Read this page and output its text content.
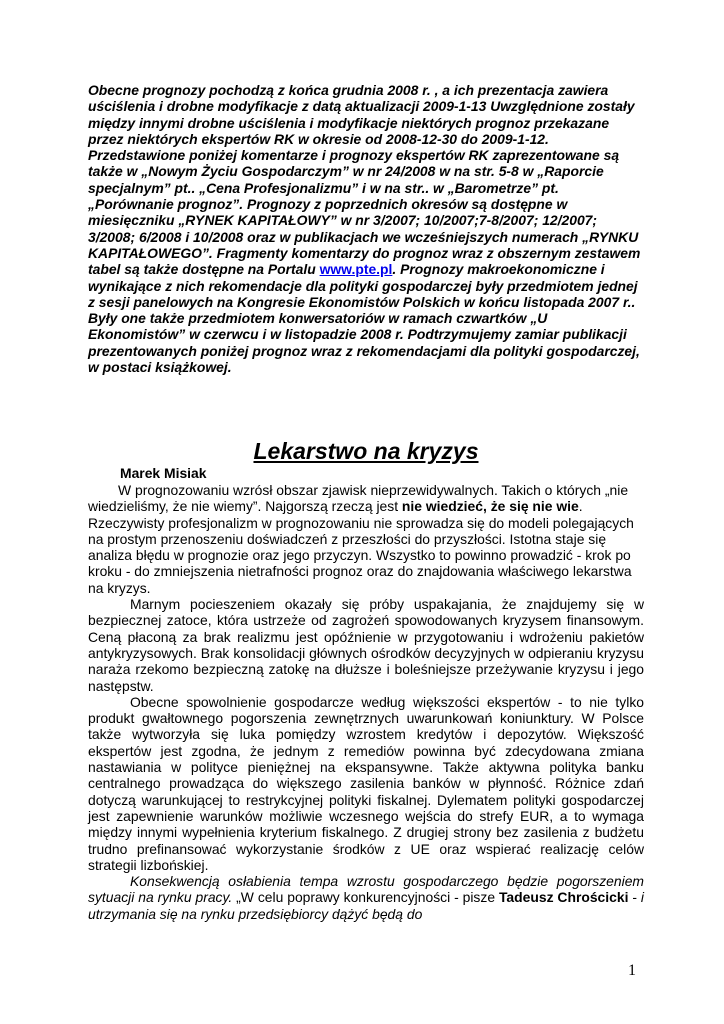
Obecne prognozy pochodzą z końca grudnia 2008 r. , a ich prezentacja zawiera uściślenia i drobne modyfikacje z datą aktualizacji 2009-1-13 Uwzględnione zostały między innymi drobne uściślenia i modyfikacje niektórych prognoz przekazane przez niektórych ekspertów RK w okresie od 2008-12-30 do 2009-1-12. Przedstawione poniżej komentarze i prognozy ekspertów RK zaprezentowane są także w „Nowym Życiu Gospodarczym” w nr 24/2008 w na str. 5-8 w „Raporcie specjalnym” pt.. „Cena Profesjonalizmu” i w na str.. w „Barometrze” pt. „Porównanie prognoz”. Prognozy z poprzednich okresów są dostępne w miesięczniku „RYNEK KAPITAŁOWY” w nr 3/2007; 10/2007;7-8/2007; 12/2007; 3/2008; 6/2008 i 10/2008 oraz w publikacjach we wcześniejszych numerach „RYNKU KAPITAŁOWEGO”. Fragmenty komentarzy do prognoz wraz z obszernym zestawem tabel są także dostępne na Portalu www.pte.pl. Prognozy makroekonomiczne i wynikające z nich rekomendacje dla polityki gospodarczej były przedmiotem jednej z sesji panelowych na Kongresie Ekonomistów Polskich w końcu listopada 2007 r.. Były one także przedmiotem konwersatoriów w ramach czwartków „U Ekonomistów” w czerwcu i w listopadzie 2008 r. Podtrzymujemy zamiar publikacji prezentowanych poniżej prognoz wraz z rekomendacjami dla polityki gospodarczej, w postaci książkowej.
Lekarstwo na kryzys
Marek Misiak

W prognozowaniu wzrósł obszar zjawisk nieprzewidywalnych. Takich o których „nie wiedzieliśmy, że nie wiemy”. Najgorszą rzeczą jest nie wiedzieć, że się nie wie. Rzeczywisty profesjonalizm w prognozowaniu nie sprowadza się do modeli polegających na prostym przenoszeniu doświadczeń z przeszłości do przyszłości. Istotna staje się analiza błędu w prognozie oraz jego przyczyn. Wszystko to powinno prowadzić - krok po kroku - do zmniejszenia nietrafności prognoz oraz do znajdowania właściwego lekarstwa na kryzys.

Marnym pocieszeniem okazały się próby uspakajania, że znajdujemy się w bezpiecznej zatoce, która ustrzeże od zagrożeń spowodowanych kryzysem finansowym. Ceną płaconą za brak realizmu jest opóźnienie w przygotowaniu i wdrożeniu pakietów antykryzysowych. Brak konsolidacji głównych ośrodków decyzyjnych w odpieraniu kryzysu naraża rzekomo bezpieczną zatokę na dłuższe i boleśniejsze przeżywanie kryzysu i jego następstw.

Obecne spowolnienie gospodarcze według większości ekspertów - to nie tylko produkt gwałtownego pogorszenia zewnętrznych uwarunkowań koniunktury. W Polsce także wytworzyła się luka pomiędzy wzrostem kredytów i depozytów. Większość ekspertów jest zgodna, że jednym z remediów powinna być zdecydowana zmiana nastawiania w polityce pieniężnej na ekspansywne. Także aktywna polityka banku centralnego prowadząca do większego zasilenia banków w płynność. Różnice zdań dotyczą warunkującej to restrykcyjnej polityki fiskalnej. Dylematem polityki gospodarczej jest zapewnienie warunków możliwie wczesnego wejścia do strefy EUR, a to wymaga między innymi wypełnienia kryterium fiskalnego. Z drugiej strony bez zasilenia z budżetu trudno prefinansować wykorzystanie środków z UE oraz wspierać realizację celów strategii lizbońskiej.

Konsekwencją osłabienia tempa wzrostu gospodarczego będzie pogorszeniem sytuacji na rynku pracy. „W celu poprawy konkurencyjności - pisze Tadeusz Chrościcki - i utrzymania się na rynku przedsiębiorcy dążyć będą do

1
